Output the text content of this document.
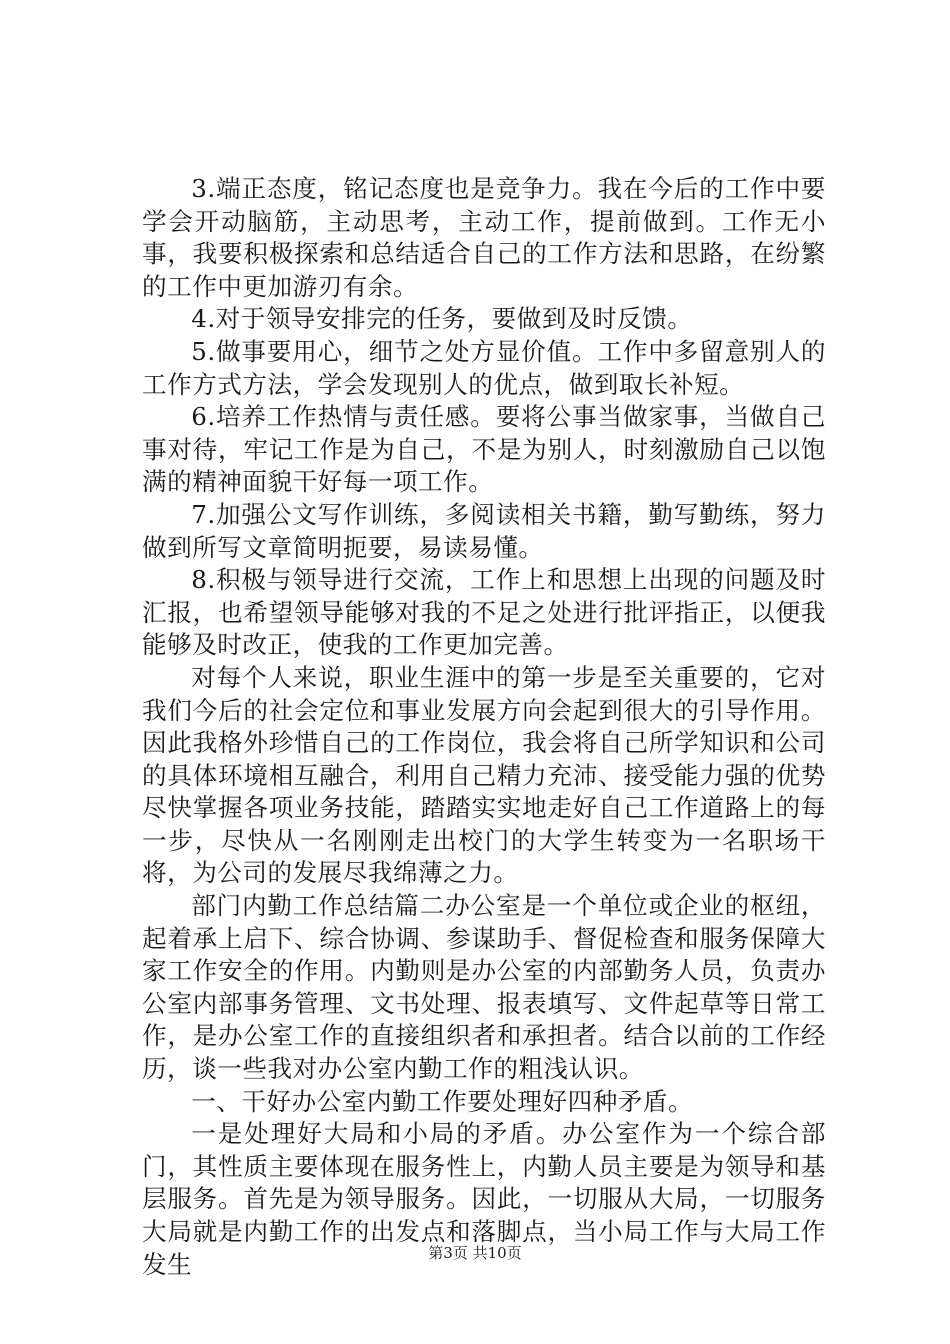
3.端正态度，铭记态度也是竞争力。我在今后的工作中要学会开动脑筋，主动思考，主动工作，提前做到。工作无小事，我要积极探索和总结适合自己的工作方法和思路，在纷繁的工作中更加游刃有余。

4.对于领导安排完的任务，要做到及时反馈。

5.做事要用心，细节之处方显价值。工作中多留意别人的工作方式方法，学会发现别人的优点，做到取长补短。

6.培养工作热情与责任感。要将公事当做家事，当做自己事对待，牢记工作是为自己，不是为别人，时刻激励自己以饱满的精神面貌干好每一项工作。

7.加强公文写作训练，多阅读相关书籍，勤写勤练，努力做到所写文章简明扼要，易读易懂。

8.积极与领导进行交流，工作上和思想上出现的问题及时汇报，也希望领导能够对我的不足之处进行批评指正，以便我能够及时改正，使我的工作更加完善。

对每个人来说，职业生涯中的第一步是至关重要的，它对我们今后的社会定位和事业发展方向会起到很大的引导作用。因此我格外珍惜自己的工作岗位，我会将自己所学知识和公司的具体环境相互融合，利用自己精力充沛、接受能力强的优势尽快掌握各项业务技能，踏踏实实地走好自己工作道路上的每一步，尽快从一名刚刚走出校门的大学生转变为一名职场干将，为公司的发展尽我绵薄之力。

部门内勤工作总结篇二办公室是一个单位或企业的枢纽，起着承上启下、综合协调、参谋助手、督促检查和服务保障大家工作安全的作用。内勤则是办公室的内部勤务人员，负责办公室内部事务管理、文书处理、报表填写、文件起草等日常工作，是办公室工作的直接组织者和承担者。结合以前的工作经历，谈一些我对办公室内勤工作的粗浅认识。

一、干好办公室内勤工作要处理好四种矛盾。

一是处理好大局和小局的矛盾。办公室作为一个综合部门，其性质主要体现在服务性上，内勤人员主要是为领导和基层服务。首先是为领导服务。因此，一切服从大局，一切服务大局就是内勤工作的出发点和落脚点，当小局工作与大局工作发生	第3页 共10页
